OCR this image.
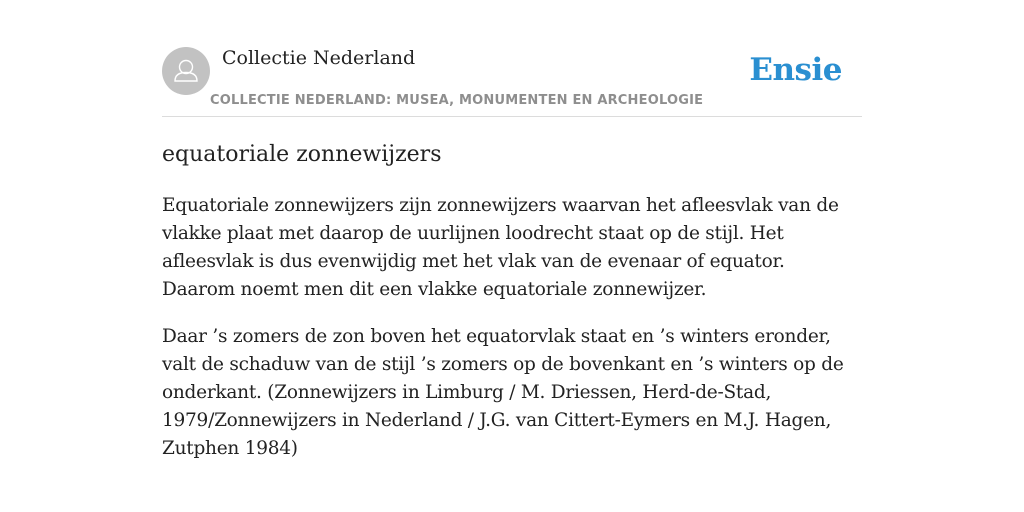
Collectie Nederland
COLLECTIE NEDERLAND: MUSEA, MONUMENTEN EN ARCHEOLOGIE
Ensie
equatoriale zonnewijzers

Equatoriale zonnewijzers zijn zonnewijzers waarvan het afleesvlak van de vlakke plaat met daarop de uurlijnen loodrecht staat op de stijl. Het afleesvlak is dus evenwijdig met het vlak van de evenaar of equator. Daarom noemt men dit een vlakke equatoriale zonnewijzer.

Daar ’s zomers de zon boven het equatorvlak staat en ’s winters eronder, valt de schaduw van de stijl ’s zomers op de bovenkant en ’s winters op de onderkant. (Zonnewijzers in Limburg / M. Driessen, Herd-de-Stad, 1979/Zonnewijzers in Nederland / J.G. van Cittert-Eymers en M.J. Hagen, Zutphen 1984)
